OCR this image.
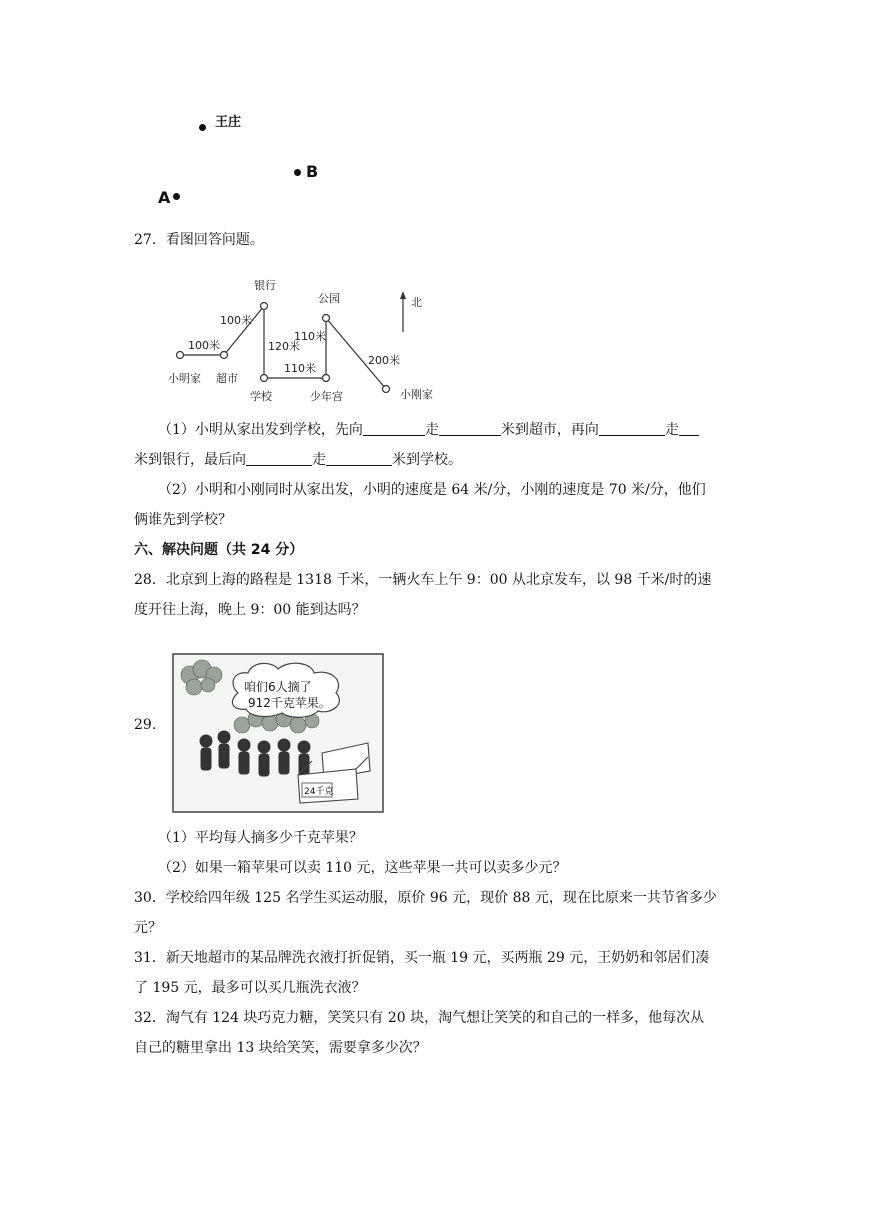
王庄
B
A
27．看图回答问题。
小明家 超市
银行
学校
公园
少年宫	小刚家
北
100米
100米
120米
110米
110米
200米
（1）小明从家出发到学校，先向	走	米到超市，再向	走
米到银行，最后向	走	米到学校。
（2）小明和小刚同时从家出发，小明的速度是 64 米/分，小刚的速度是 70 米/分，他们
俩谁先到学校？
六、解决问题（共 24 分）
28．北京到上海的路程是 1318 千米，一辆火车上午 9：00 从北京发车，以 98 千米/时的速
度开往上海，晚上 9：00 能到达吗？
29.
咱们6人摘了
912千克苹果。
24千克
（1）平均每人摘多少千克苹果？
（2）如果一箱苹果可以卖 110 元，这些苹果一共可以卖多少元？
30．学校给四年级 125 名学生买运动服，原价 96 元，现价 88 元，现在比原来一共节省多少
元？
31．新天地超市的某品牌洗衣液打折促销，买一瓶 19 元，买两瓶 29 元，王奶奶和邻居们凑
了 195 元，最多可以买几瓶洗衣液？
32．淘气有 124 块巧克力糖，笑笑只有 20 块，淘气想让笑笑的和自己的一样多，他每次从
自己的糖里拿出 13 块给笑笑，需要拿多少次？
